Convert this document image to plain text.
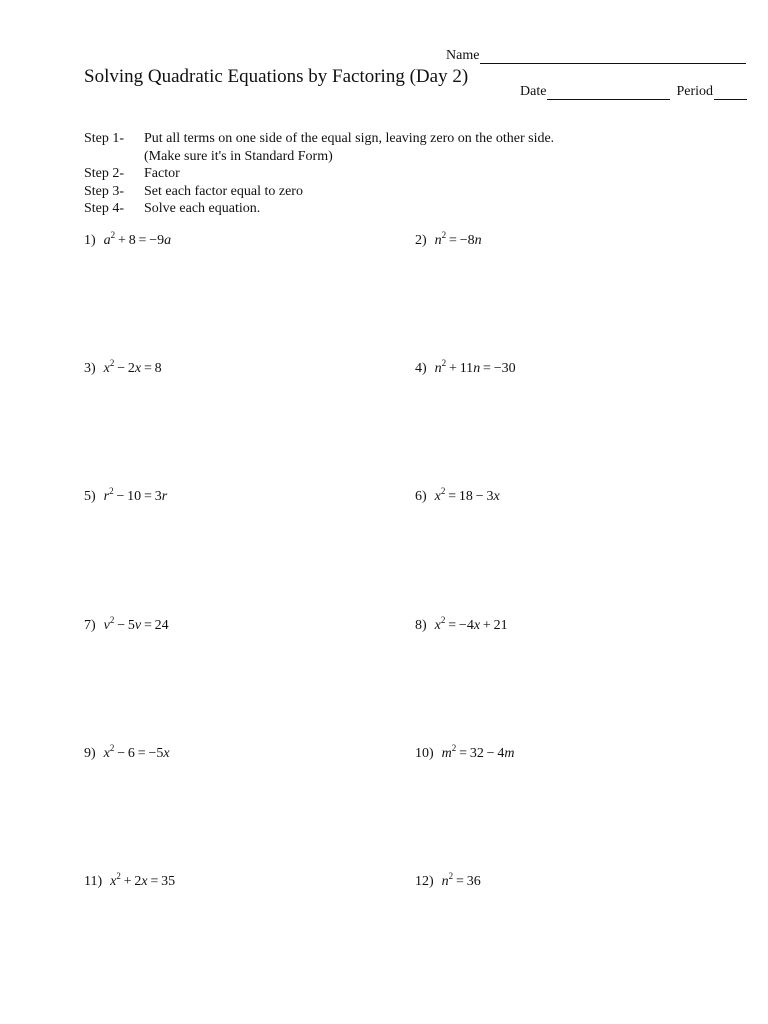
Name
Solving Quadratic Equations by Factoring (Day 2)
Date	Period
Step 1-	Put all terms on one side of the equal sign, leaving zero on the other side.
(Make sure it's in Standard Form)
Step 2-	Factor
Step 3-	Set each factor equal to zero
Step 4-	Solve each equation.
1) $a^2 + 8 = -9a$	2) $n^2 = -8n$
3) $x^2 - 2x = 8$	4) $n^2 + 11n = -30$
5) $r^2 - 10 = 3r$	6) $x^2 = 18 - 3x$
7) $v^2 - 5v = 24$	8) $x^2 = -4x + 21$
9) $x^2 - 6 = -5x$	10) $m^2 = 32 - 4m$
11) $x^2 + 2x = 35$	12) $n^2 = 36$
